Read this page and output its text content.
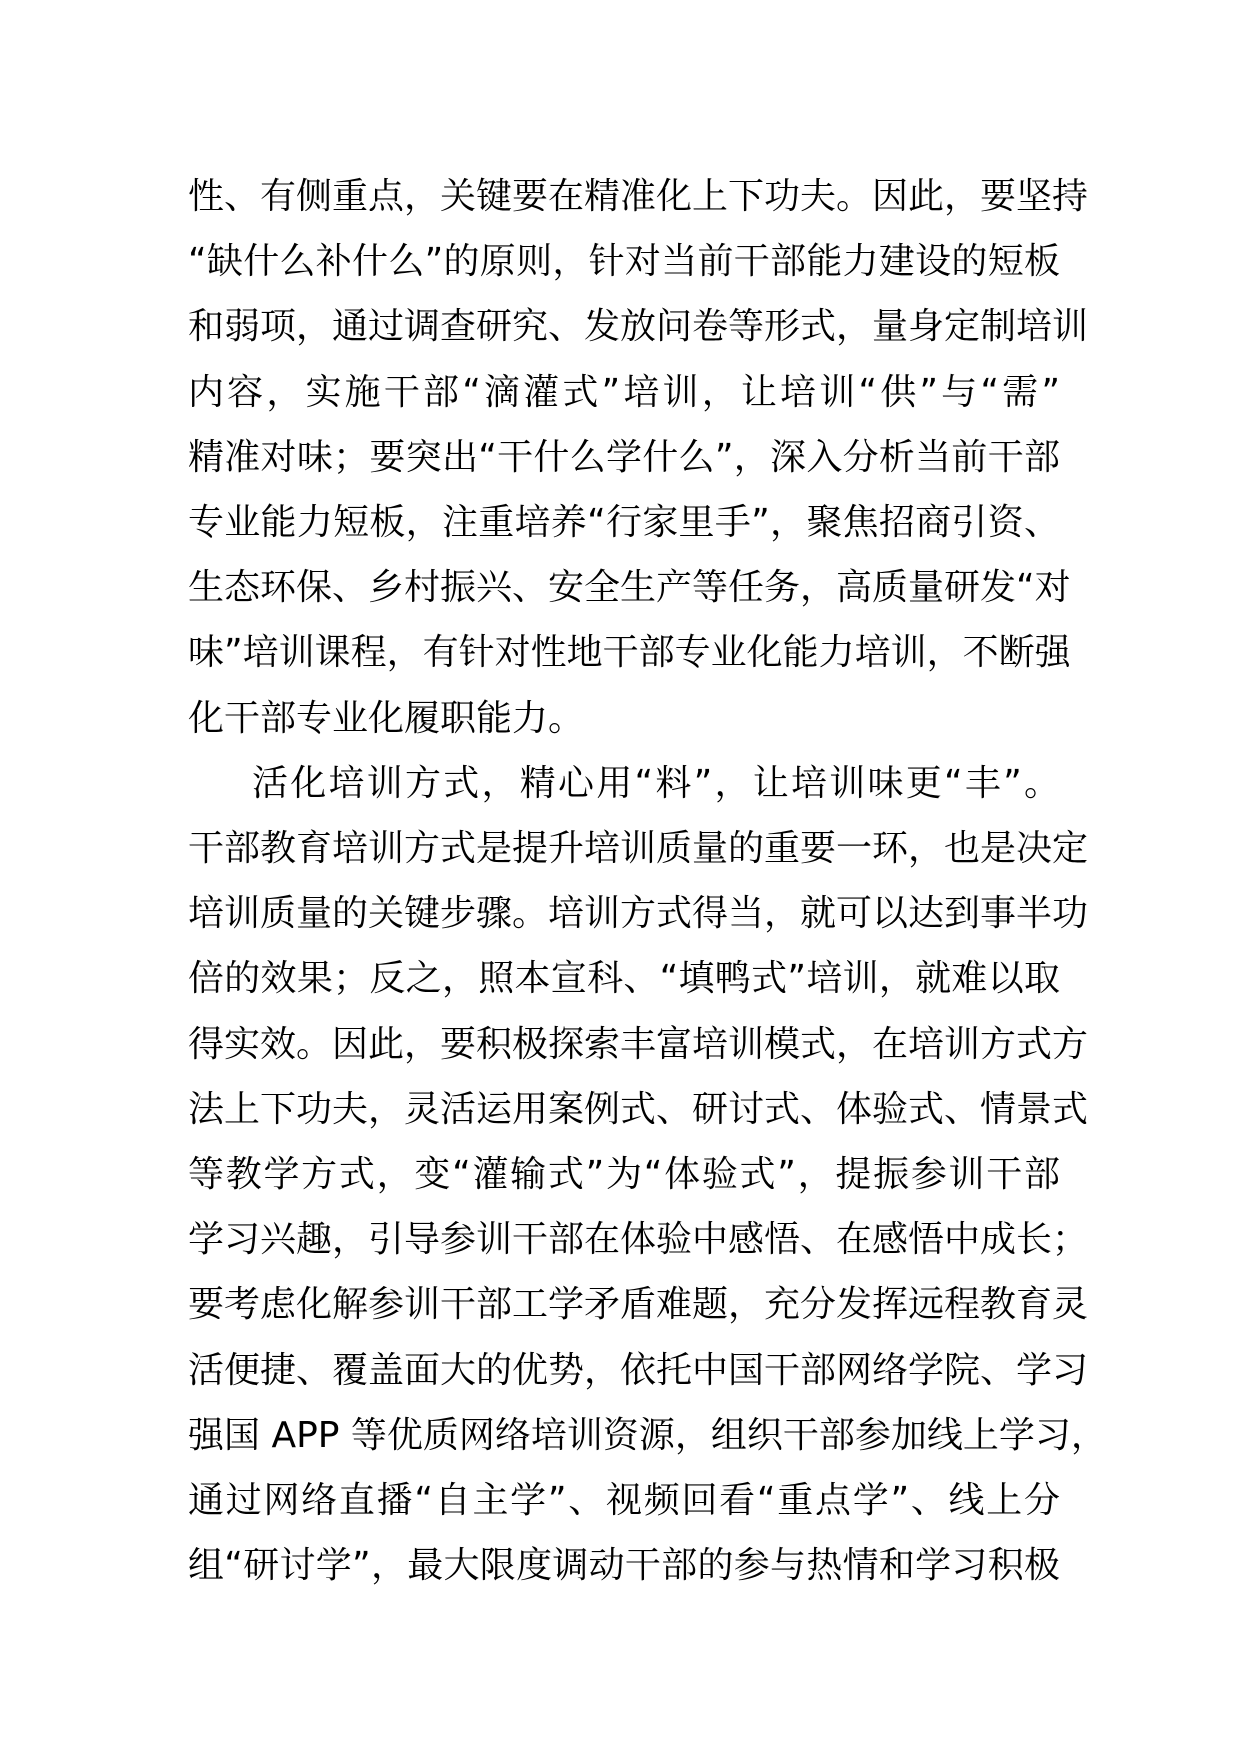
性、有侧重点，关键要在精准化上下功夫。因此，要坚持
“缺什么补什么”的原则，针对当前干部能力建设的短板
和弱项，通过调查研究、发放问卷等形式，量身定制培训
内容，实施干部“滴灌式”培训，让培训“供”与“需”
精准对味；要突出“干什么学什么”，深入分析当前干部
专业能力短板，注重培养“行家里手”，聚焦招商引资、
生态环保、乡村振兴、安全生产等任务，高质量研发“对
味”培训课程，有针对性地干部专业化能力培训，不断强
化干部专业化履职能力。

活化培训方式，精心用“料”，让培训味更“丰”。
干部教育培训方式是提升培训质量的重要一环，也是决定
培训质量的关键步骤。培训方式得当，就可以达到事半功
倍的效果；反之，照本宣科、“填鸭式”培训，就难以取
得实效。因此，要积极探索丰富培训模式，在培训方式方
法上下功夫，灵活运用案例式、研讨式、体验式、情景式
等教学方式，变“灌输式”为“体验式”，提振参训干部
学习兴趣，引导参训干部在体验中感悟、在感悟中成长；
要考虑化解参训干部工学矛盾难题，充分发挥远程教育灵
活便捷、覆盖面大的优势，依托中国干部网络学院、学习
强国 APP 等优质网络培训资源，组织干部参加线上学习，
通过网络直播“自主学”、视频回看“重点学”、线上分
组“研讨学”，最大限度调动干部的参与热情和学习积极
